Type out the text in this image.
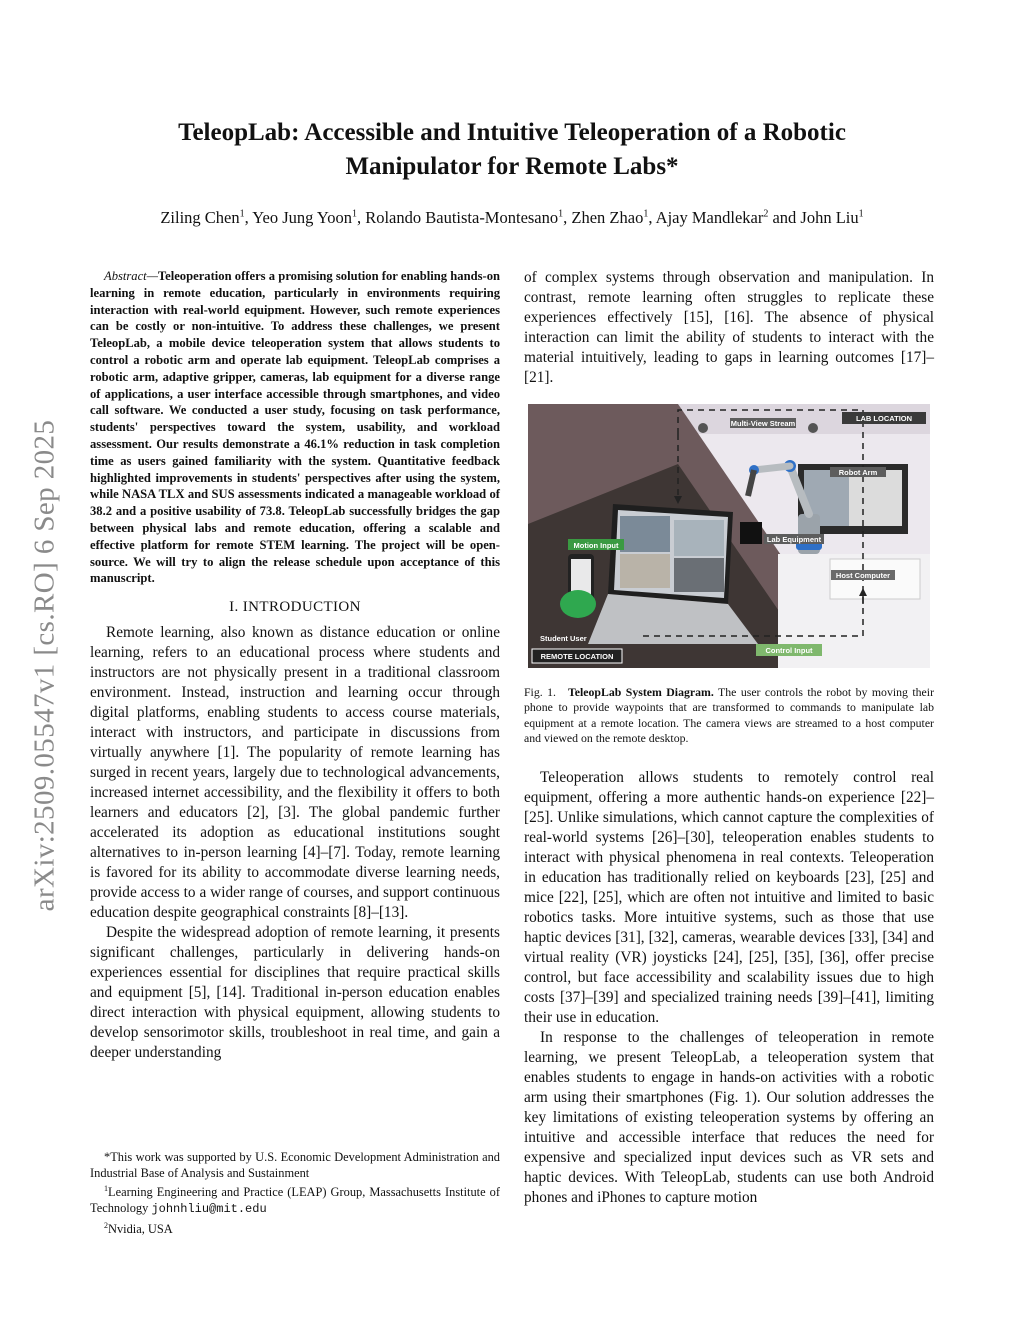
arXiv:2509.05547v1 [cs.RO] 6 Sep 2025
TeleopLab: Accessible and Intuitive Teleoperation of a Robotic Manipulator for Remote Labs*

Ziling Chen$^1$, Yeo Jung Yoon$^1$, Rolando Bautista-Montesano$^1$, Zhen Zhao$^1$, Ajay Mandlekar$^2$ and John Liu$^1$

Abstract—Teleoperation offers a promising solution for enabling hands-on learning in remote education, particularly in environments requiring interaction with real-world equipment. However, such remote experiences can be costly or non-intuitive. To address these challenges, we present TeleopLab, a mobile device teleoperation system that allows students to control a robotic arm and operate lab equipment. TeleopLab comprises a robotic arm, adaptive gripper, cameras, lab equipment for a diverse range of applications, a user interface accessible through smartphones, and video call software. We conducted a user study, focusing on task performance, students' perspectives toward the system, usability, and workload assessment. Our results demonstrate a 46.1% reduction in task completion time as users gained familiarity with the system. Quantitative feedback highlighted improvements in students' perspectives after using the system, while NASA TLX and SUS assessments indicated a manageable workload of 38.2 and a positive usability of 73.8. TeleopLab successfully bridges the gap between physical labs and remote education, offering a scalable and effective platform for remote STEM learning. The project will be open-source. We will try to align the release schedule upon acceptance of this manuscript.

I. INTRODUCTION

Remote learning, also known as distance education or online learning, refers to an educational process where students and instructors are not physically present in a traditional classroom environment. Instead, instruction and learning occur through digital platforms, enabling students to access course materials, interact with instructors, and participate in discussions from virtually anywhere [1]. The popularity of remote learning has surged in recent years, largely due to technological advancements, increased internet accessibility, and the flexibility it offers to both learners and educators [2], [3]. The global pandemic further accelerated its adoption as educational institutions sought alternatives to in-person learning [4]–[7]. Today, remote learning is favored for its ability to accommodate diverse learning needs, provide access to a wider range of courses, and support continuous education despite geographical constraints [8]–[13].

Despite the widespread adoption of remote learning, it presents significant challenges, particularly in delivering hands-on experiences essential for disciplines that require practical skills and equipment [5], [14]. Traditional in-person education enables direct interaction with physical equipment, allowing students to develop sensorimotor skills, troubleshoot in real time, and gain a deeper understanding

*This work was supported by U.S. Economic Development Administration and Industrial Base of Analysis and Sustainment

$^1$Learning Engineering and Practice (LEAP) Group, Massachusetts Institute of Technology johnhliu@mit.edu

$^2$Nvidia, USA

of complex systems through observation and manipulation. In contrast, remote learning often struggles to replicate these experiences effectively [15], [16]. The absence of physical interaction can limit the ability of students to interact with the material intuitively, leading to gaps in learning outcomes [17]–[21].

LAB LOCATION
Multi-View Stream
Robot Arm
Lab Equipment
Host Computer
Motion Input
Student User
REMOTE LOCATION
Control Input

Fig. 1. TeleopLab System Diagram. The user controls the robot by moving their phone to provide waypoints that are transformed to commands to manipulate lab equipment at a remote location. The camera views are streamed to a host computer and viewed on the remote desktop.

Teleoperation allows students to remotely control real equipment, offering a more authentic hands-on experience [22]–[25]. Unlike simulations, which cannot capture the complexities of real-world systems [26]–[30], teleoperation enables students to interact with physical phenomena in real contexts. Teleoperation in education has traditionally relied on keyboards [23], [25] and mice [22], [25], which are often not intuitive and limited to basic robotics tasks. More intuitive systems, such as those that use haptic devices [31], [32], cameras, wearable devices [33], [34] and virtual reality (VR) joysticks [24], [25], [35], [36], offer precise control, but face accessibility and scalability issues due to high costs [37]–[39] and specialized training needs [39]–[41], limiting their use in education.

In response to the challenges of teleoperation in remote learning, we present TeleopLab, a teleoperation system that enables students to engage in hands-on activities with a robotic arm using their smartphones (Fig. 1). Our solution addresses the key limitations of existing teleoperation systems by offering an intuitive and accessible interface that reduces the need for expensive and specialized input devices such as VR sets and haptic devices. With TeleopLab, students can use both Android phones and iPhones to capture motion
